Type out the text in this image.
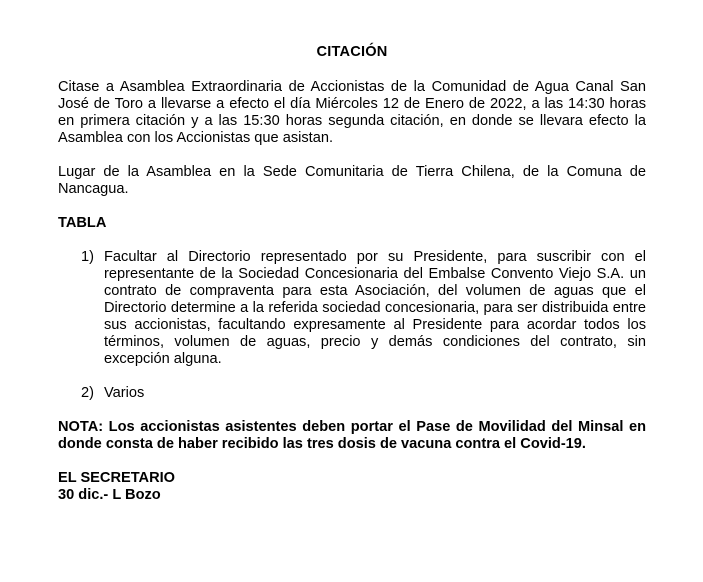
CITACIÓN

Citase a Asamblea Extraordinaria de Accionistas de la Comunidad de Agua Canal San José de Toro a llevarse a efecto el día Miércoles 12 de Enero de 2022, a las 14:30 horas en primera citación y a las 15:30 horas segunda citación, en donde se llevara efecto la Asamblea con los Accionistas que asistan.

Lugar de la Asamblea en la Sede Comunitaria de Tierra Chilena, de la Comuna de Nancagua.

TABLA
1) Facultar al Directorio representado por su Presidente, para suscribir con el representante de la Sociedad Concesionaria del Embalse Convento Viejo S.A. un contrato de compraventa para esta Asociación, del volumen de aguas que el Directorio determine a la referida sociedad concesionaria, para ser distribuida entre sus accionistas, facultando expresamente al Presidente para acordar todos los términos, volumen de aguas, precio y demás condiciones del contrato, sin excepción alguna.
2) Varios

NOTA: Los accionistas asistentes deben portar el Pase de Movilidad del Minsal en donde consta de haber recibido las tres dosis de vacuna contra el Covid-19.

EL SECRETARIO
30 dic.- L Bozo
